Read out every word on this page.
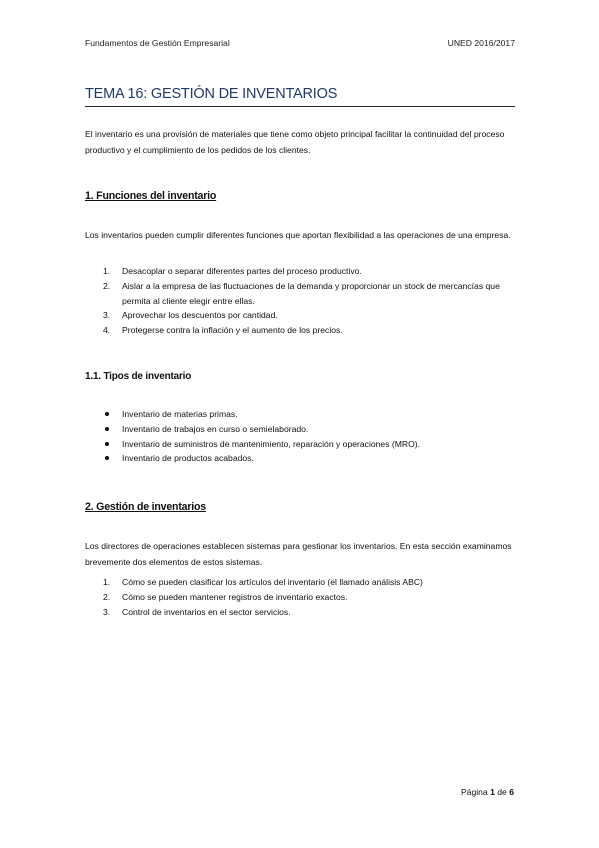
Fundamentos de Gestión Empresarial	UNED 2016/2017
TEMA 16: GESTIÓN DE INVENTARIOS
El inventario es una provisión de materiales que tiene como objeto principal facilitar la continuidad del proceso productivo y el cumplimiento de los pedidos de los clientes.
1. Funciones del inventario
Los inventarios pueden cumplir diferentes funciones que aportan flexibilidad a las operaciones de una empresa.
1. Desacoplar o separar diferentes partes del proceso productivo.
2. Aislar a la empresa de las fluctuaciones de la demanda y proporcionar un stock de mercancías que permita al cliente elegir entre ellas.
3. Aprovechar los descuentos por cantidad.
4. Protegerse contra la inflación y el aumento de los precios.
1.1. Tipos de inventario
Inventario de materias primas.
Inventario de trabajos en curso o semielaborado.
Inventario de suministros de mantenimiento, reparación y operaciones (MRO).
Inventario de productos acabados.
2. Gestión de inventarios
Los directores de operaciones establecen sistemas para gestionar los inventarios. En esta sección examinamos brevemente dos elementos de estos sistemas.
1. Cómo se pueden clasificar los artículos del inventario (el llamado análisis ABC)
2. Cómo se pueden mantener registros de inventario exactos.
3. Control de inventarios en el sector servicios.
Página 1 de 6
